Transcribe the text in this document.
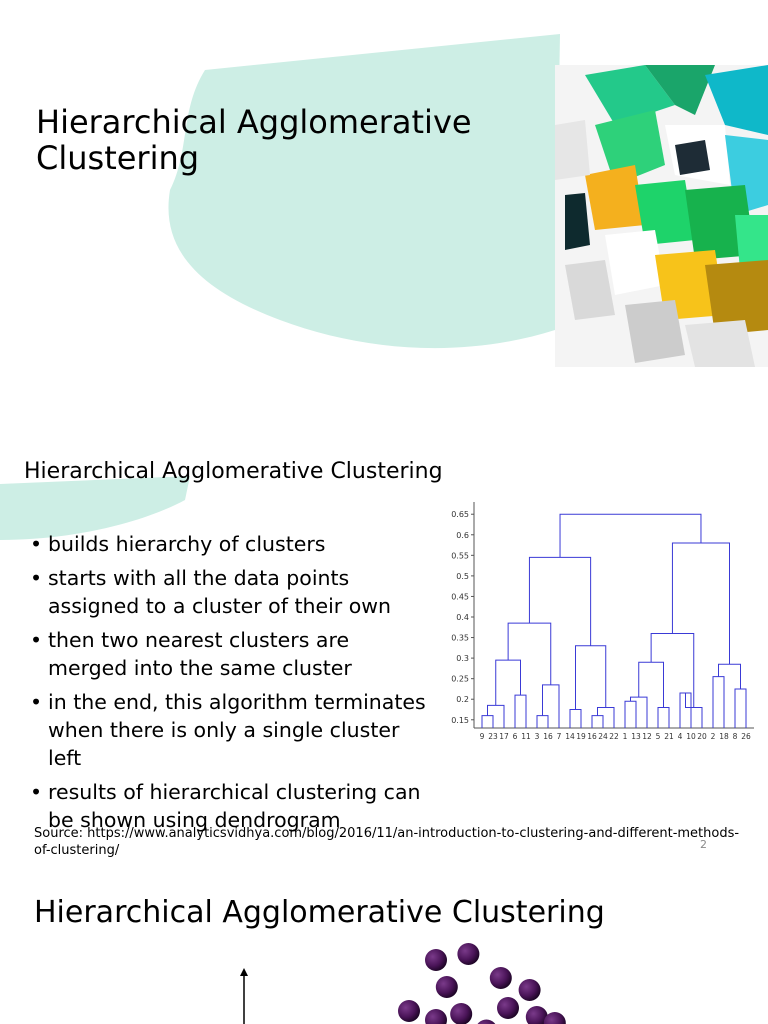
Hierarchical Agglomerative Clustering
Hierarchical Agglomerative Clustering
• builds hierarchy of clusters
• starts with all the data points assigned to a cluster of their own
• then two nearest clusters are merged into the same cluster
• in the end, this algorithm terminates when there is only a single cluster left
• results of hierarchical clustering can be shown using dendrogram
0.65
0.6
0.55
0.5
0.45
0.4
0.35
0.3
0.25
0.2
0.15
9 23 17 6 11 3 16 7 14 19 16 24 22 1 13 12 5 21 4 10 20 2 18 8 26
Source: https://www.analyticsvidhya.com/blog/2016/11/an-introduction-to-clustering-and-different-methods-of-clustering/	2
Hierarchical Agglomerative Clustering
